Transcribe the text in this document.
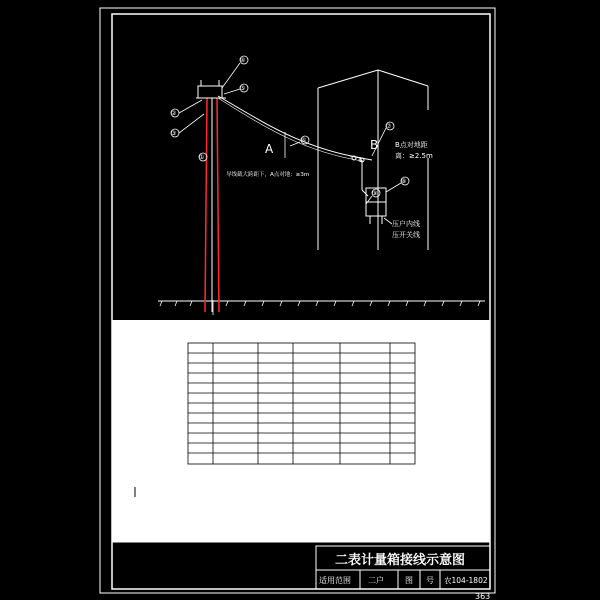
A	B
④
⑤
②
③
①
⑥
⑦
⑧
⑨
⑩
B点对地距
离：≥2.5m
导线截大跨距下，A点对地：≥3m
压户内线
压开关线
二表计量箱接线示意图
适用范围 二户	图 号 农104-1802
363
